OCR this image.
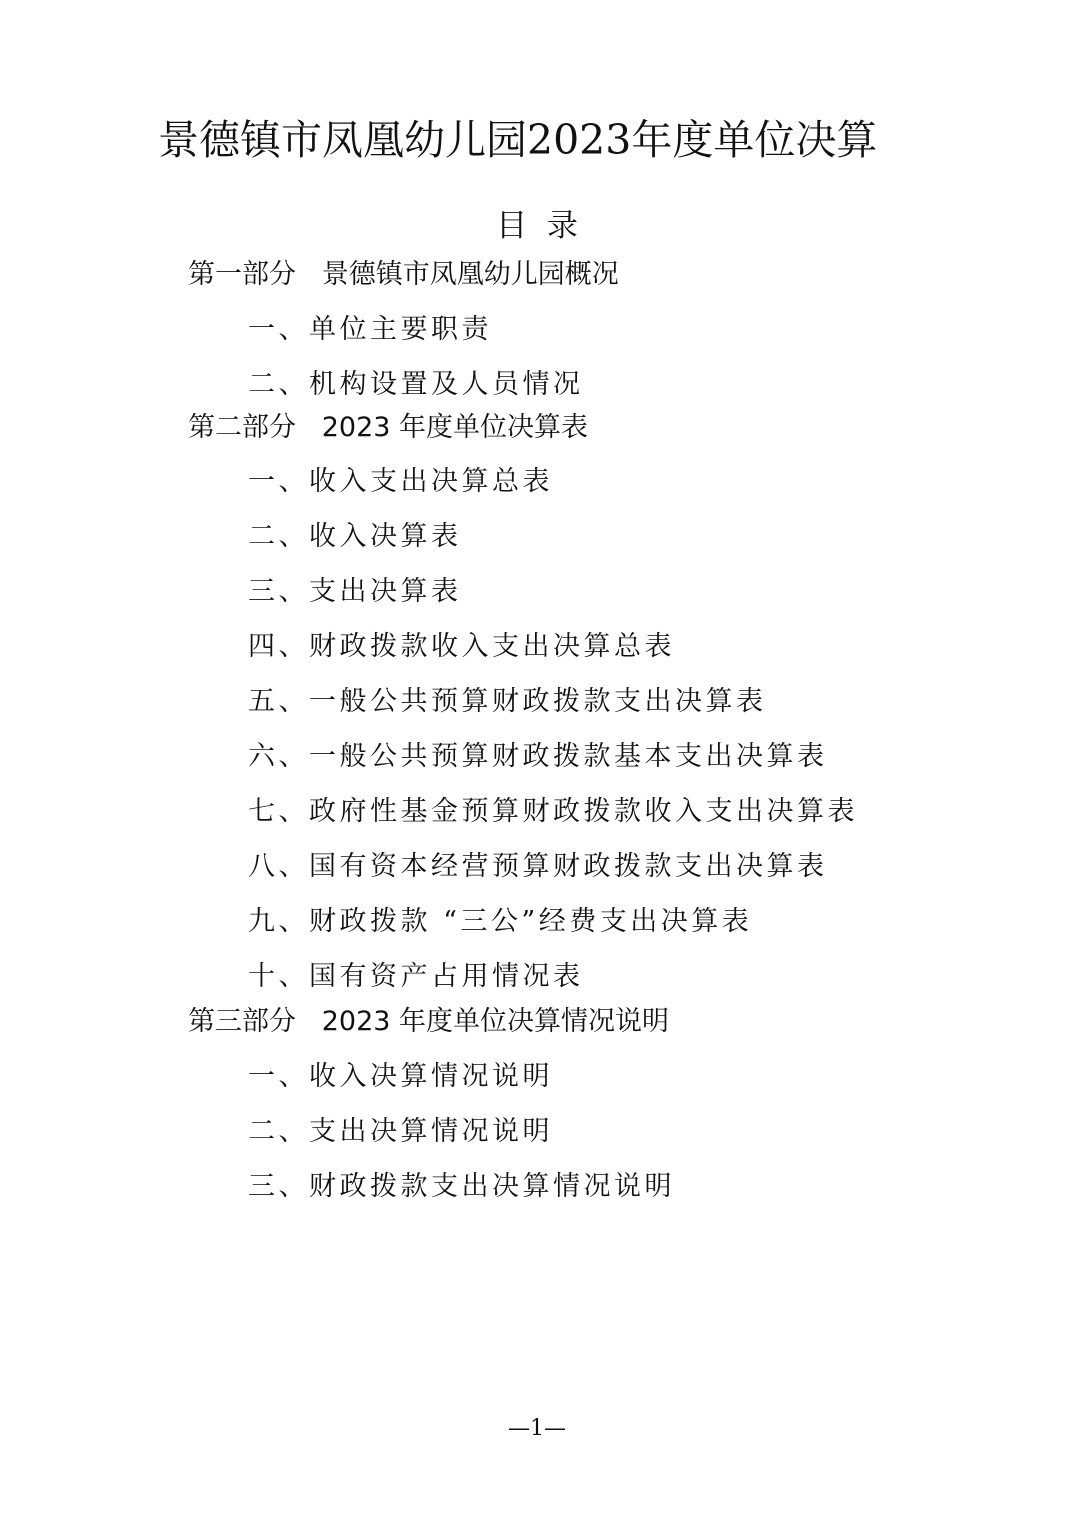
景德镇市凤凰幼儿园2023年度单位决算
目  录
第一部分   景德镇市凤凰幼儿园概况
一、单位主要职责
二、机构设置及人员情况
第二部分   2023 年度单位决算表
一、收入支出决算总表
二、收入决算表
三、支出决算表
四、财政拨款收入支出决算总表
五、一般公共预算财政拨款支出决算表
六、一般公共预算财政拨款基本支出决算表
七、政府性基金预算财政拨款收入支出决算表
八、国有资本经营预算财政拨款支出决算表
九、财政拨款 “三公”经费支出决算表
十、国有资产占用情况表
第三部分   2023 年度单位决算情况说明
一、收入决算情况说明
二、支出决算情况说明
三、财政拨款支出决算情况说明
—1—
